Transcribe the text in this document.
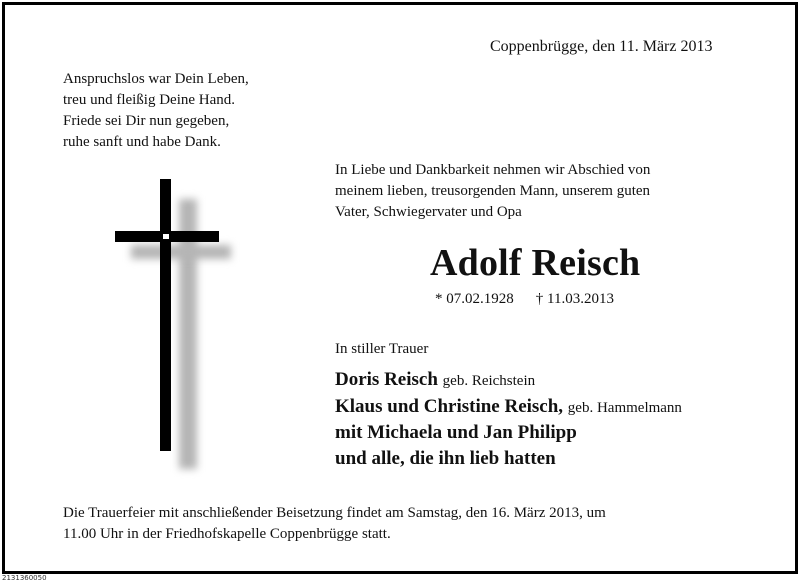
Coppenbrügge, den 11. März 2013
Anspruchslos war Dein Leben,
treu und fleißig Deine Hand.
Friede sei Dir nun gegeben,
ruhe sanft und habe Dank.
In Liebe und Dankbarkeit nehmen wir Abschied von
meinem lieben, treusorgenden Mann, unserem guten
Vater, Schwiegervater und Opa
Adolf Reisch
* 07.02.1928 † 11.03.2013
In stiller Trauer
Doris Reisch geb. Reichstein
Klaus und Christine Reisch, geb. Hammelmann
mit Michaela und Jan Philipp
und alle, die ihn lieb hatten
Die Trauerfeier mit anschließender Beisetzung findet am Samstag, den 16. März 2013, um
11.00 Uhr in der Friedhofskapelle Coppenbrügge statt.
2131360050
